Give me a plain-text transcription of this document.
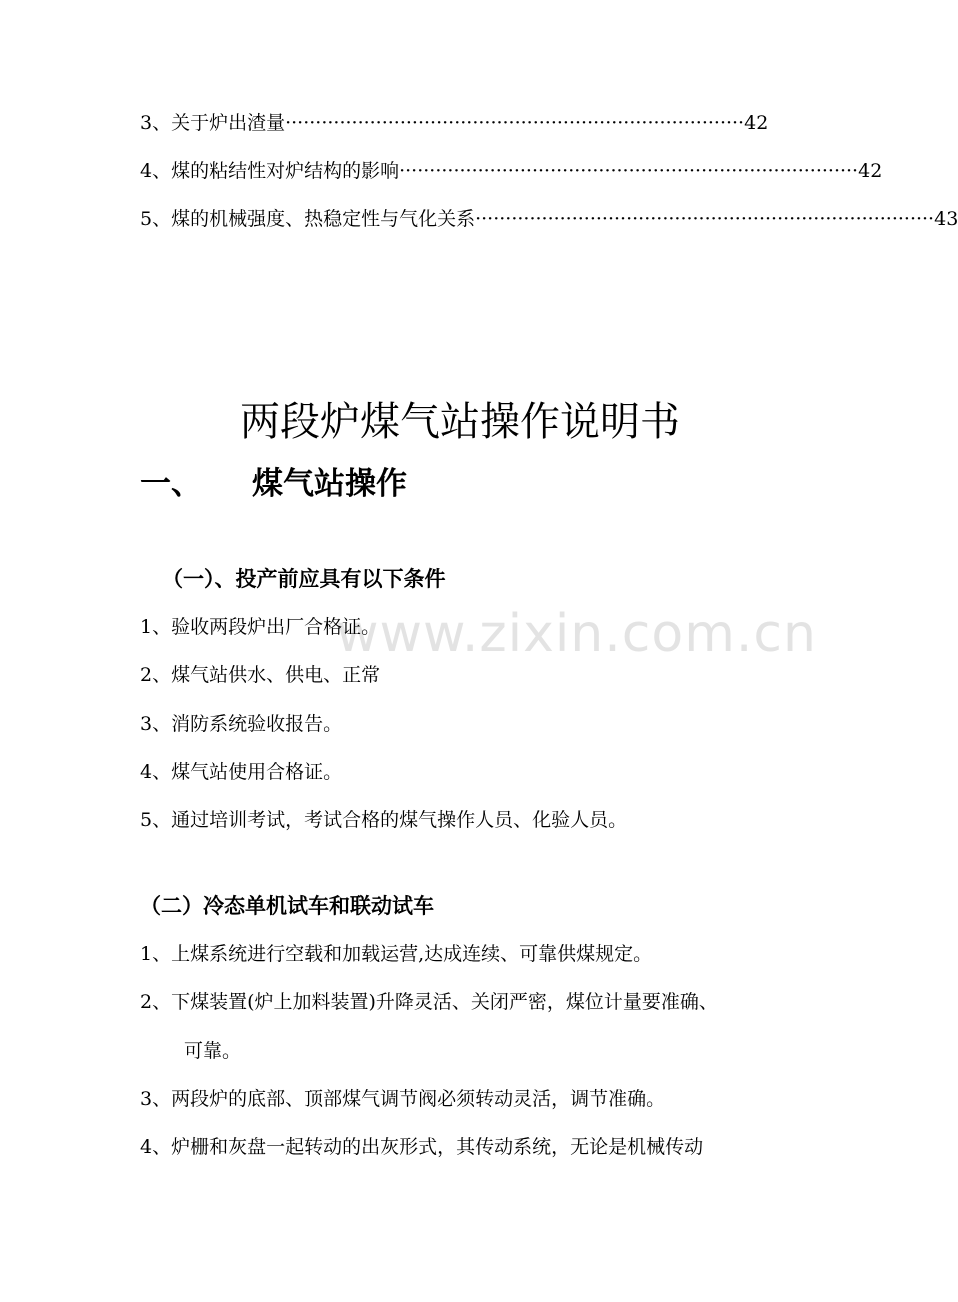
3、关于炉出渣量 ············································································ 42
4、煤的粘结性对炉结构的影响 ············································································ 42
5、煤的机械强度、热稳定性与气化关系 ············································································ 43
两段炉煤气站操作说明书
一、 煤气站操作
（一）、投产前应具有以下条件
www.zixin.com.cn
1、验收两段炉出厂合格证。
2、煤气站供水、供电、正常
3、消防系统验收报告。
4、煤气站使用合格证。
5、通过培训考试，考试合格的煤气操作人员、化验人员。
（二）冷态单机试车和联动试车
1、上煤系统进行空载和加载运营,达成连续、可靠供煤规定。
2、下煤装置(炉上加料装置)升降灵活、关闭严密，煤位计量要准确、
可靠。
3、两段炉的底部、顶部煤气调节阀必须转动灵活，调节准确。
4、炉栅和灰盘一起转动的出灰形式，其传动系统，无论是机械传动
